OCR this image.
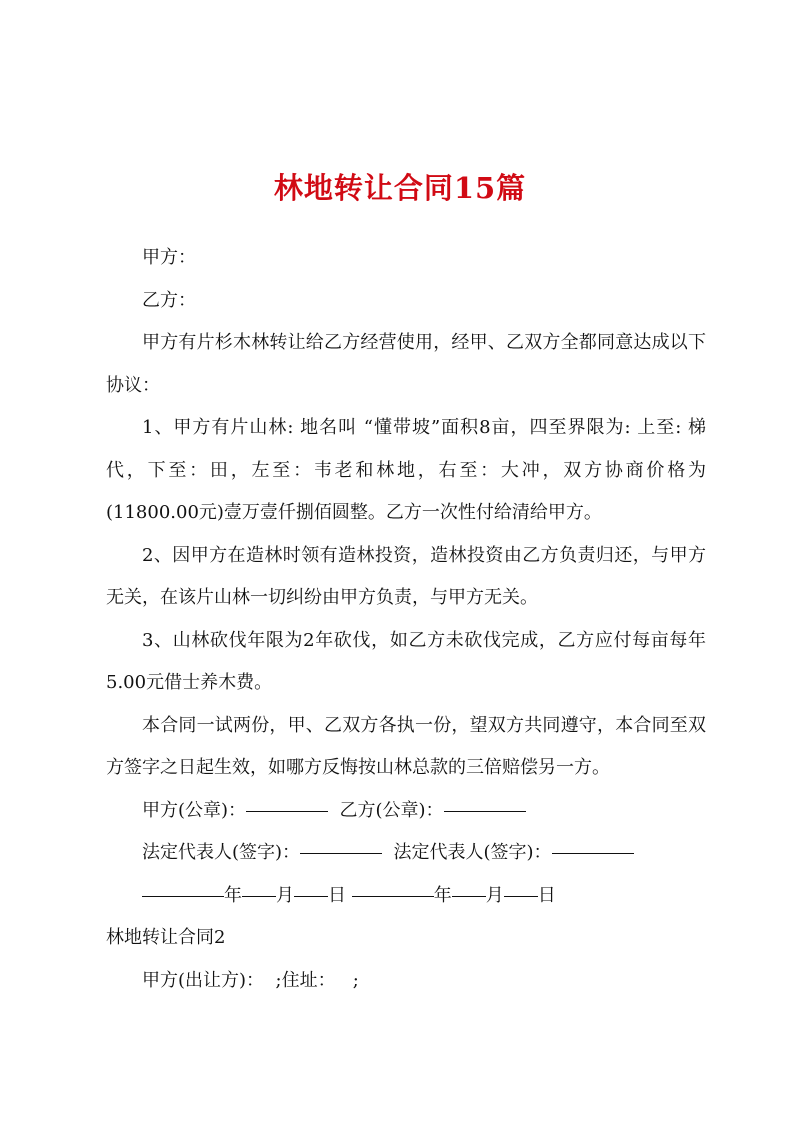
林地转让合同15篇

甲方：

乙方：

甲方有片杉木林转让给乙方经营使用，经甲、乙双方全都同意达成以下协议：

1、甲方有片山林: 地名叫 “懂带坡”面积8亩，四至界限为: 上至: 梯代，下至：田，左至：韦老和林地，右至：大冲，双方协商价格为(11800.00元)壹万壹仟捌佰圆整。乙方一次性付给清给甲方。

2、因甲方在造林时领有造林投资，造林投资由乙方负责归还，与甲方无关，在该片山林一切纠纷由甲方负责，与甲方无关。

3、山林砍伐年限为2年砍伐，如乙方未砍伐完成，乙方应付每亩每年5.00元借士养木费。

本合同一试两份，甲、乙双方各执一份，望双方共同遵守，本合同至双方签字之日起生效，如哪方反悔按山林总款的三倍赔偿另一方。

甲方(公章)：	乙方(公章)：

法定代表人(签字)：	法定代表人(签字)：

年 月 日	年 月 日

林地转让合同2

甲方(出让方)： ;住址： ;
